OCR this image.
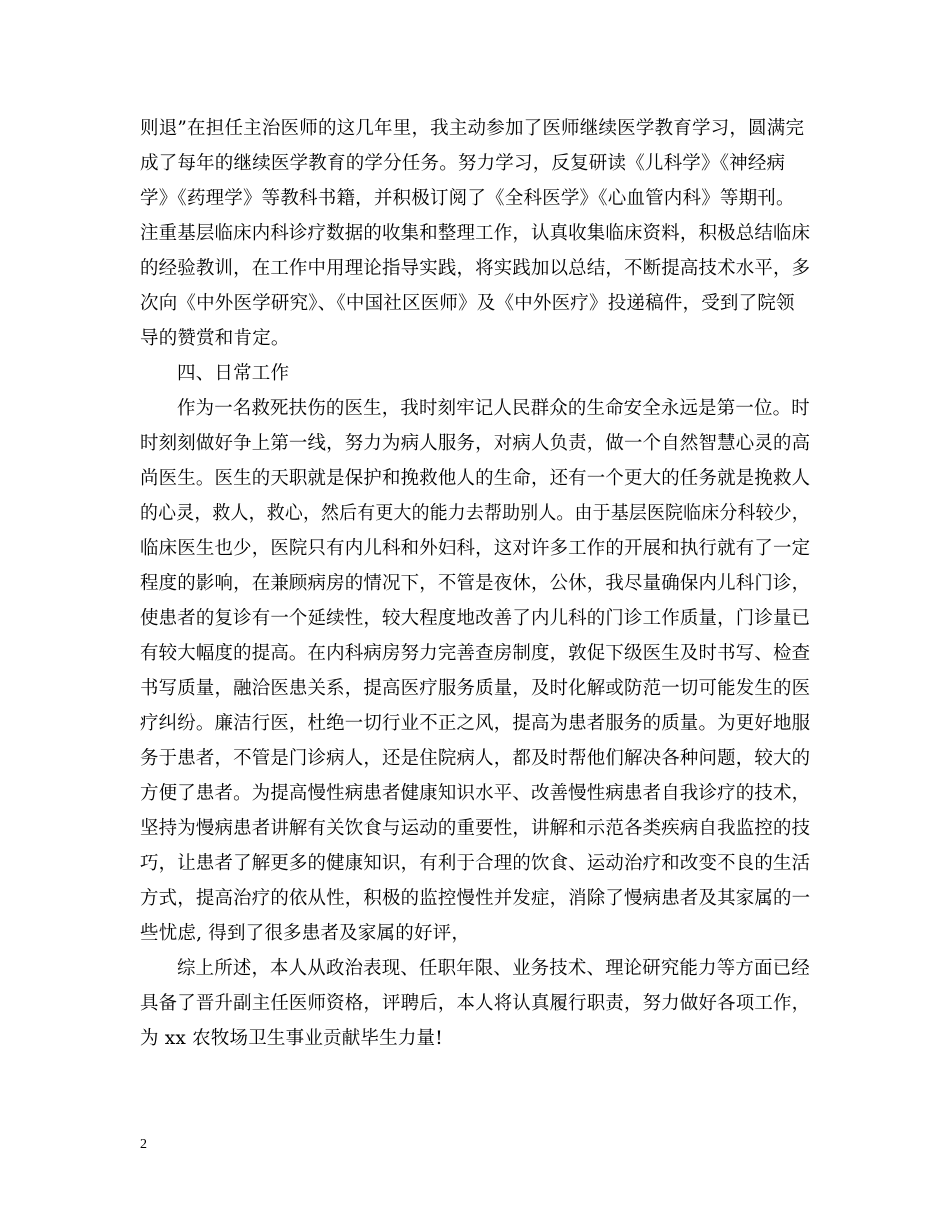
则退”在担任主治医师的这几年里，我主动参加了医师继续医学教育学习，圆满完
成了每年的继续医学教育的学分任务。努力学习，反复研读《儿科学》《神经病
学》《药理学》等教科书籍，并积极订阅了《全科医学》《心血管内科》等期刊。
注重基层临床内科诊疗数据的收集和整理工作，认真收集临床资料，积极总结临床
的经验教训，在工作中用理论指导实践，将实践加以总结，不断提高技术水平，多
次向《中外医学研究》、《中国社区医师》及《中外医疗》投递稿件，受到了院领
导的赞赏和肯定。
四、日常工作
作为一名救死扶伤的医生，我时刻牢记人民群众的生命安全永远是第一位。时
时刻刻做好争上第一线，努力为病人服务，对病人负责，做一个自然智慧心灵的高
尚医生。医生的天职就是保护和挽救他人的生命，还有一个更大的任务就是挽救人
的心灵，救人，救心，然后有更大的能力去帮助别人。由于基层医院临床分科较少，
临床医生也少，医院只有内儿科和外妇科，这对许多工作的开展和执行就有了一定
程度的影响，在兼顾病房的情况下，不管是夜休，公休，我尽量确保内儿科门诊，
使患者的复诊有一个延续性，较大程度地改善了内儿科的门诊工作质量，门诊量已
有较大幅度的提高。在内科病房努力完善查房制度，敦促下级医生及时书写、检查
书写质量，融洽医患关系，提高医疗服务质量，及时化解或防范一切可能发生的医
疗纠纷。廉洁行医，杜绝一切行业不正之风，提高为患者服务的质量。为更好地服
务于患者，不管是门诊病人，还是住院病人，都及时帮他们解决各种问题，较大的
方便了患者。为提高慢性病患者健康知识水平、改善慢性病患者自我诊疗的技术，
坚持为慢病患者讲解有关饮食与运动的重要性，讲解和示范各类疾病自我监控的技
巧，让患者了解更多的健康知识，有利于合理的饮食、运动治疗和改变不良的生活
方式，提高治疗的依从性，积极的监控慢性并发症，消除了慢病患者及其家属的一
些忧虑, 得到了很多患者及家属的好评，
综上所述，本人从政治表现、任职年限、业务技术、理论研究能力等方面已经
具备了晋升副主任医师资格，评聘后，本人将认真履行职责，努力做好各项工作，
为 xx 农牧场卫生事业贡献毕生力量!
2
